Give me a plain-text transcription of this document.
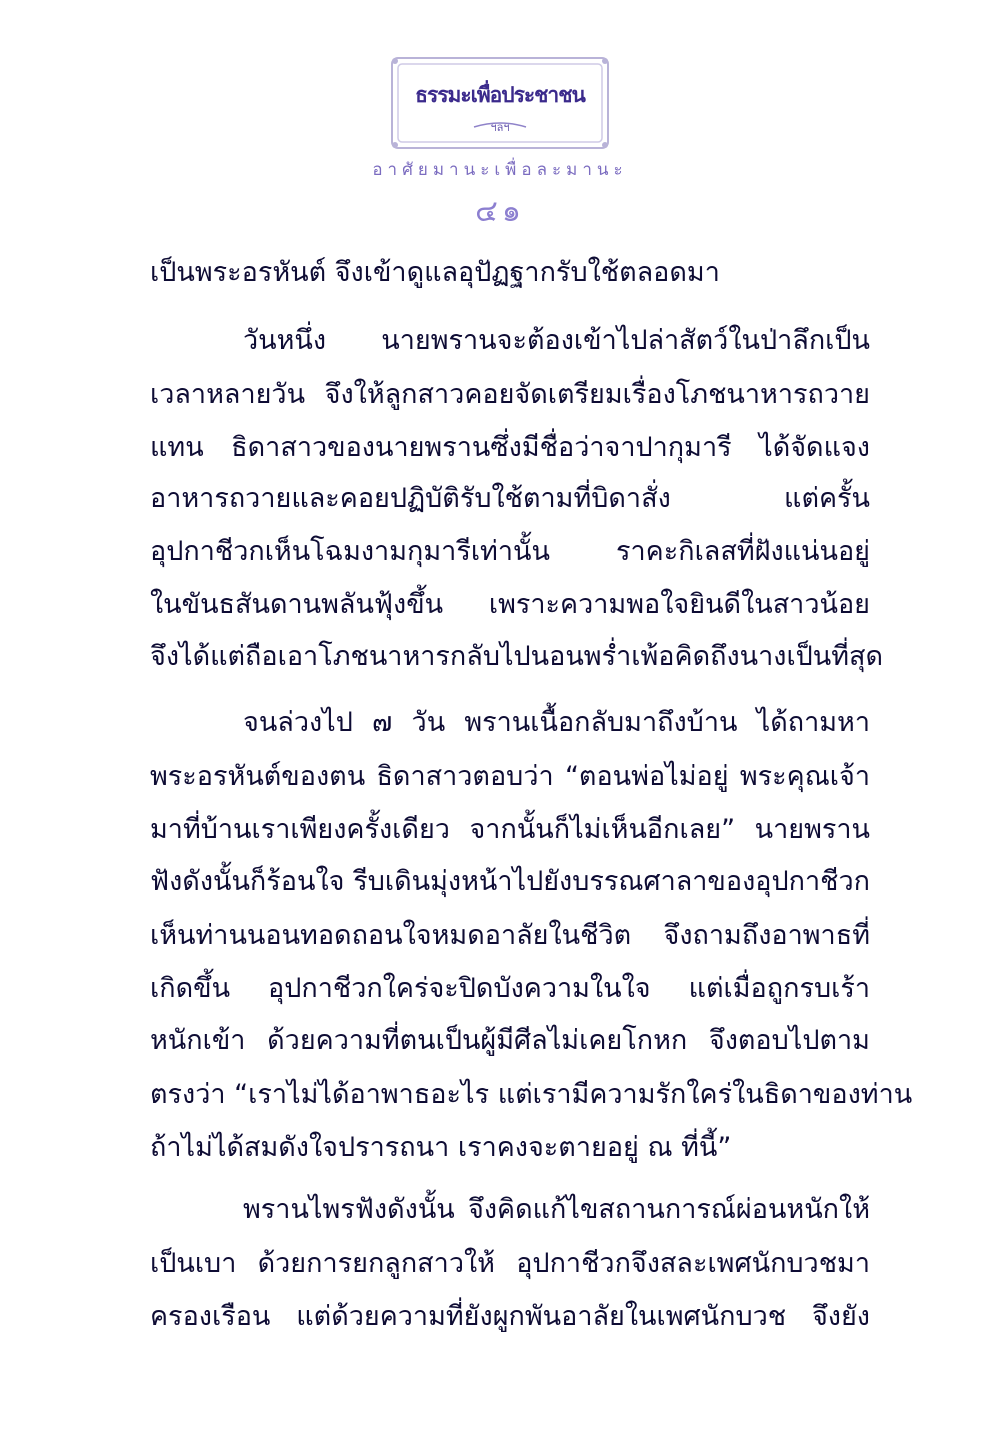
ธรรมะเพื่อประชาชน
ฯลฯ
อาศัยมานะเพื่อละมานะ
๔๑
เป็นพระอรหันต์ จึงเข้าดูแลอุปัฏฐากรับใช้ตลอดมา
วันหนึ่ง นายพรานจะต้องเข้าไปล่าสัตว์ในป่าลึกเป็น
เวลาหลายวัน จึงให้ลูกสาวคอยจัดเตรียมเรื่องโภชนาหารถวาย
แทน ธิดาสาวของนายพรานซึ่งมีชื่อว่าจาปากุมารี ได้จัดแจง
อาหารถวายและคอยปฏิบัติรับใช้ตามที่บิดาสั่ง แต่ครั้น
อุปกาชีวกเห็นโฉมงามกุมารีเท่านั้น ราคะกิเลสที่ฝังแน่นอยู่
ในขันธสันดานพลันฟุ้งขึ้น เพราะความพอใจยินดีในสาวน้อย
จึงได้แต่ถือเอาโภชนาหารกลับไปนอนพร่ำเพ้อคิดถึงนางเป็นที่สุด
จนล่วงไป ๗ วัน พรานเนื้อกลับมาถึงบ้าน ได้ถามหา
พระอรหันต์ของตน ธิดาสาวตอบว่า “ตอนพ่อไม่อยู่ พระคุณเจ้า
มาที่บ้านเราเพียงครั้งเดียว จากนั้นก็ไม่เห็นอีกเลย” นายพราน
ฟังดังนั้นก็ร้อนใจ รีบเดินมุ่งหน้าไปยังบรรณศาลาของอุปกาชีวก
เห็นท่านนอนทอดถอนใจหมดอาลัยในชีวิต จึงถามถึงอาพาธที่
เกิดขึ้น อุปกาชีวกใคร่จะปิดบังความในใจ แต่เมื่อถูกรบเร้า
หนักเข้า ด้วยความที่ตนเป็นผู้มีศีลไม่เคยโกหก จึงตอบไปตาม
ตรงว่า “เราไม่ได้อาพาธอะไร แต่เรามีความรักใคร่ในธิดาของท่าน
ถ้าไม่ได้สมดังใจปรารถนา เราคงจะตายอยู่ ณ ที่นี้”
พรานไพรฟังดังนั้น จึงคิดแก้ไขสถานการณ์ผ่อนหนักให้
เป็นเบา ด้วยการยกลูกสาวให้ อุปกาชีวกจึงสละเพศนักบวชมา
ครองเรือน แต่ด้วยความที่ยังผูกพันอาลัยในเพศนักบวช จึงยัง
